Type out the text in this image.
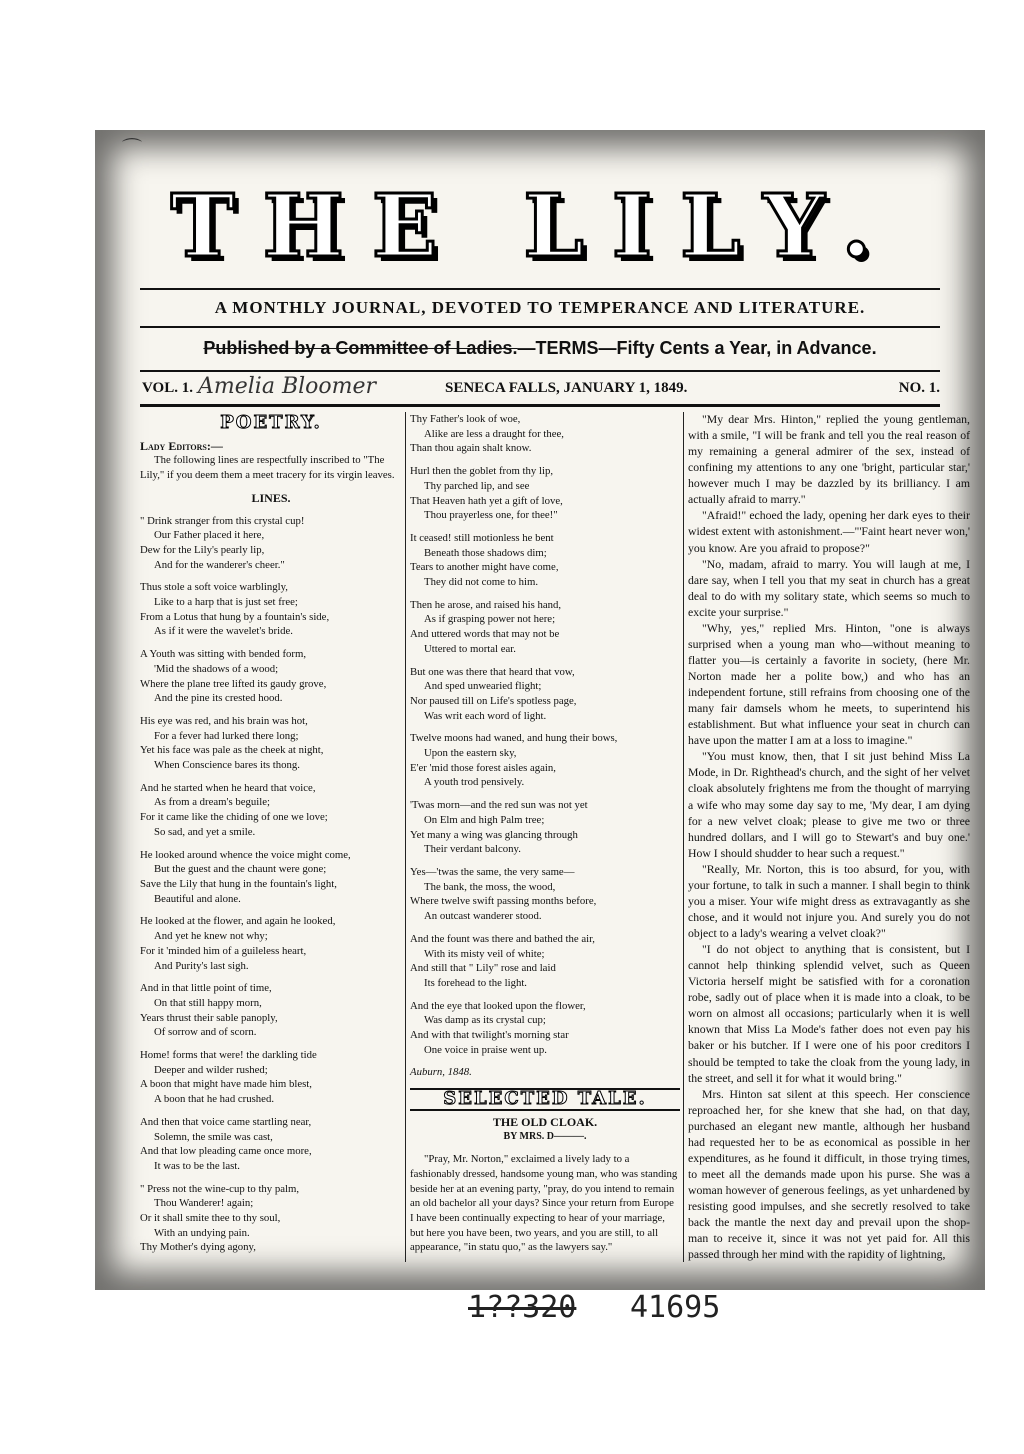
⌒
THE LILY.
A MONTHLY JOURNAL, DEVOTED TO TEMPERANCE AND LITERATURE.
Published by a Committee of Ladies.—TERMS—Fifty Cents a Year, in Advance.
VOL. 1. Amelia Bloomer	SENECA FALLS, JANUARY 1, 1849.	NO. 1.
POETRY.

Lady Editors:—

The following lines are respectfully inscribed to "The Lily," if you deem them a meet tracery for its virgin leaves.

LINES.

" Drink stranger from this crystal cup!

Our Father placed it here,

Dew for the Lily's pearly lip,

And for the wanderer's cheer."

Thus stole a soft voice warblingly,

Like to a harp that is just set free;

From a Lotus that hung by a fountain's side,

As if it were the wavelet's bride.

A Youth was sitting with bended form,

'Mid the shadows of a wood;

Where the plane tree lifted its gaudy grove,

And the pine its crested hood.

His eye was red, and his brain was hot,

For a fever had lurked there long;

Yet his face was pale as the cheek at night,

When Conscience bares its thong.

And he started when he heard that voice,

As from a dream's beguile;

For it came like the chiding of one we love;

So sad, and yet a smile.

He looked around whence the voice might come,

But the guest and the chaunt were gone;

Save the Lily that hung in the fountain's light,

Beautiful and alone.

He looked at the flower, and again he looked,

And yet he knew not why;

For it 'minded him of a guileless heart,

And Purity's last sigh.

And in that little point of time,

On that still happy morn,

Years thrust their sable panoply,

Of sorrow and of scorn.

Home! forms that were! the darkling tide

Deeper and wilder rushed;

A boon that might have made him blest,

A boon that he had crushed.

And then that voice came startling near,

Solemn, the smile was cast,

And that low pleading came once more,

It was to be the last.

" Press not the wine-cup to thy palm,

Thou Wanderer! again;

Or it shall smite thee to thy soul,

With an undying pain.

Thy Mother's dying agony,

Thy Father's look of woe,

Alike are less a draught for thee,

Than thou again shalt know.

Hurl then the goblet from thy lip,

Thy parched lip, and see

That Heaven hath yet a gift of love,

Thou prayerless one, for thee!"

It ceased! still motionless he bent

Beneath those shadows dim;

Tears to another might have come,

They did not come to him.

Then he arose, and raised his hand,

As if grasping power not here;

And uttered words that may not be

Uttered to mortal ear.

But one was there that heard that vow,

And sped unwearied flight;

Nor paused till on Life's spotless page,

Was writ each word of light.

Twelve moons had waned, and hung their bows,

Upon the eastern sky,

E'er 'mid those forest aisles again,

A youth trod pensively.

'Twas morn—and the red sun was not yet

On Elm and high Palm tree;

Yet many a wing was glancing through

Their verdant balcony.

Yes—'twas the same, the very same—

The bank, the moss, the wood,

Where twelve swift passing months before,

An outcast wanderer stood.

And the fount was there and bathed the air,

With its misty veil of white;

And still that " Lily" rose and laid

Its forehead to the light.

And the eye that looked upon the flower,

Was damp as its crystal cup;

And with that twilight's morning star

One voice in praise went up.

Auburn, 1848.

SELECTED TALE.

THE OLD CLOAK.

BY MRS. D———.

"Pray, Mr. Norton," exclaimed a lively lady to a fashionably dressed, handsome young man, who was standing beside her at an evening party, "pray, do you intend to remain an old bachelor all your days? Since your return from Europe I have been continually expecting to hear of your marriage, but here you have been, two years, and you are still, to all appearance, "in statu quo," as the lawyers say."

"My dear Mrs. Hinton," replied the young gentleman, with a smile, "I will be frank and tell you the real reason of my remaining a general admirer of the sex, instead of confining my attentions to any one 'bright, particular star,' however much I may be dazzled by its brilliancy. I am actually afraid to marry."

"Afraid!" echoed the lady, opening her dark eyes to their widest extent with astonishment.—"'Faint heart never won,' you know. Are you afraid to propose?"

"No, madam, afraid to marry. You will laugh at me, I dare say, when I tell you that my seat in church has a great deal to do with my solitary state, which seems so much to excite your surprise."

"Why, yes," replied Mrs. Hinton, "one is always surprised when a young man who—without meaning to flatter you—is certainly a favorite in society, (here Mr. Norton made her a polite bow,) and who has an independent fortune, still refrains from choosing one of the many fair damsels whom he meets, to superintend his establishment. But what influence your seat in church can have upon the matter I am at a loss to imagine."

"You must know, then, that I sit just behind Miss La Mode, in Dr. Righthead's church, and the sight of her velvet cloak absolutely frightens me from the thought of marrying a wife who may some day say to me, 'My dear, I am dying for a new velvet cloak; please to give me two or three hundred dollars, and I will go to Stewart's and buy one.' How I should shudder to hear such a request."

"Really, Mr. Norton, this is too absurd, for you, with your fortune, to talk in such a manner. I shall begin to think you a miser. Your wife might dress as extravagantly as she chose, and it would not injure you. And surely you do not object to a lady's wearing a velvet cloak?"

"I do not object to anything that is consistent, but I cannot help thinking splendid velvet, such as Queen Victoria herself might be satisfied with for a coronation robe, sadly out of place when it is made into a cloak, to be worn on almost all occasions; particularly when it is well known that Miss La Mode's father does not even pay his baker or his butcher. If I were one of his poor creditors I should be tempted to take the cloak from the young lady, in the street, and sell it for what it would bring."

Mrs. Hinton sat silent at this speech. Her conscience reproached her, for she knew that she had, on that day, purchased an elegant new mantle, although her husband had requested her to be as economical as possible in her expenditures, as he found it difficult, in those trying times, to meet all the demands made upon his purse. She was a woman however of generous feelings, as yet unhardened by resisting good impulses, and she secretly resolved to take back the mantle the next day and prevail upon the shop-man to receive it, since it was not yet paid for. All this passed through her mind with the rapidity of lightning,

1??320 41695
